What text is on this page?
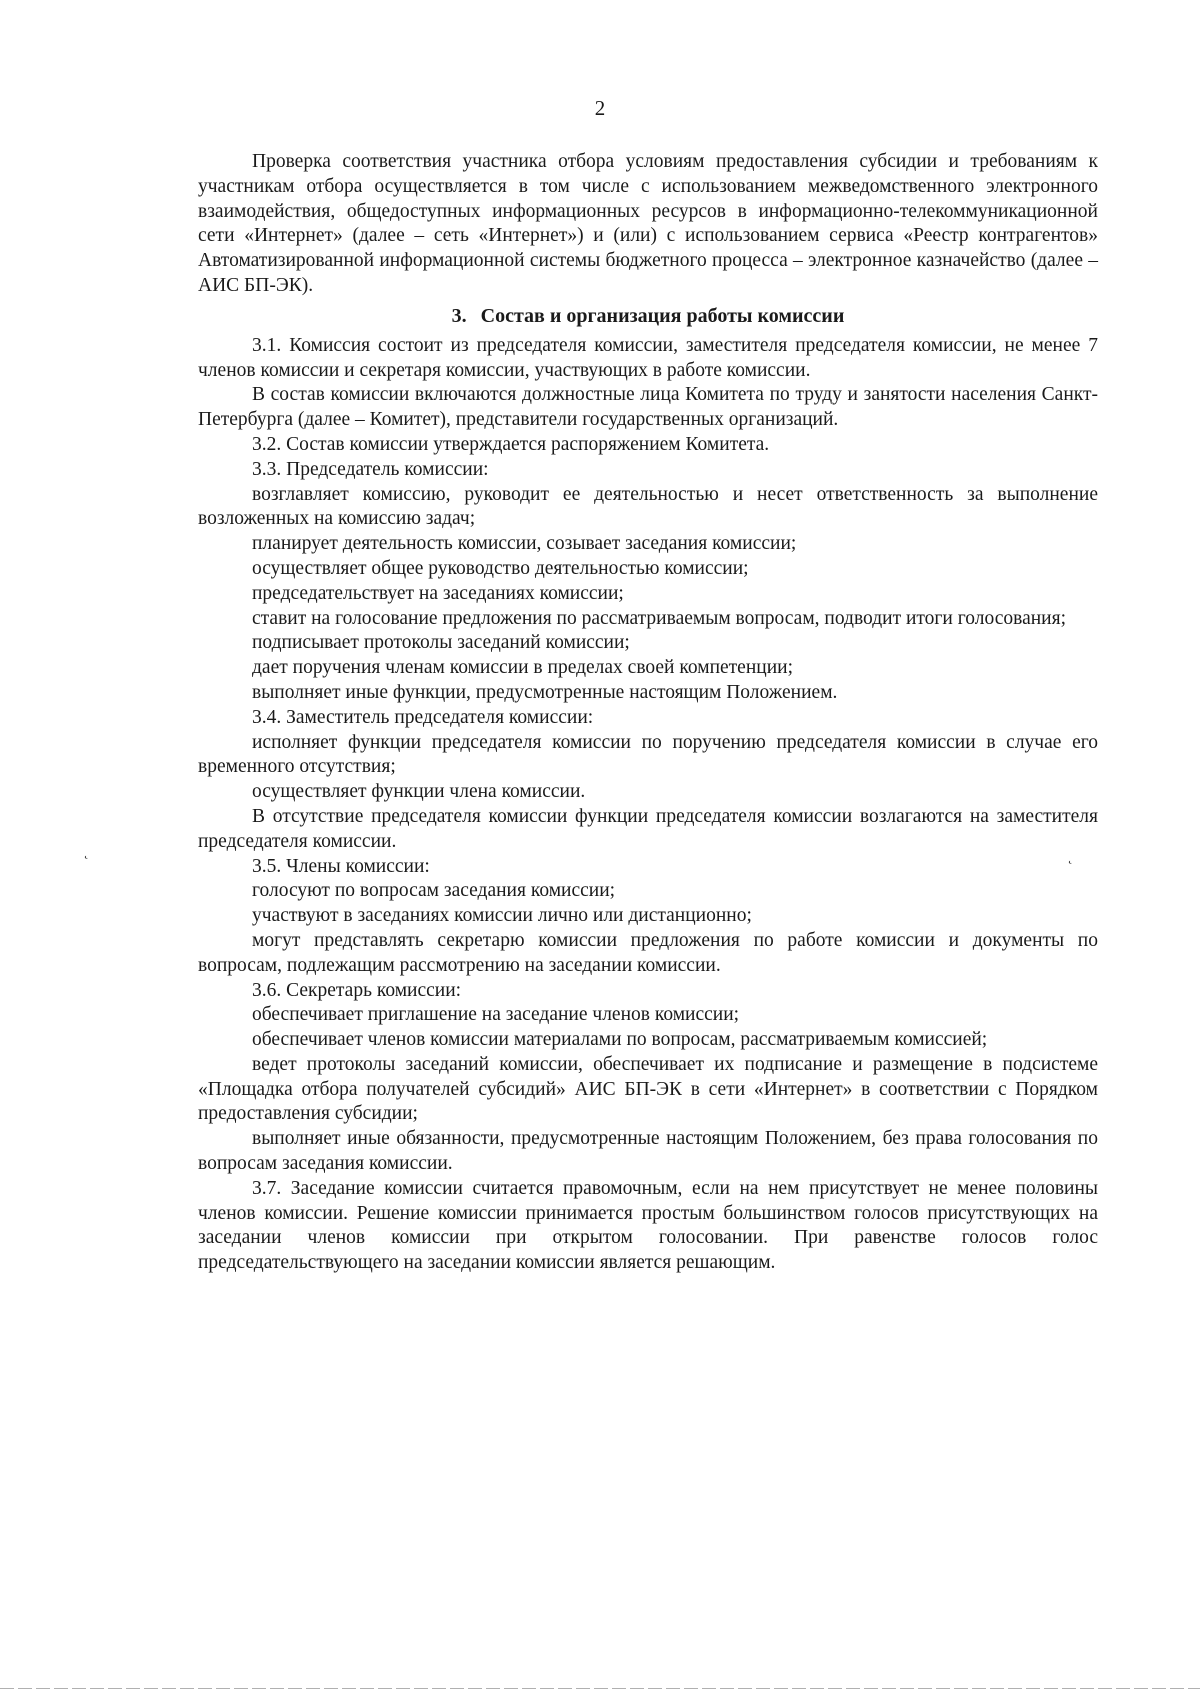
2

Проверка соответствия участника отбора условиям предоставления субсидии и требованиям к участникам отбора осуществляется в том числе с использованием межведомственного электронного взаимодействия, общедоступных информационных ресурсов в информационно-телекоммуникационной сети «Интернет» (далее – сеть «Интернет») и (или) с использованием сервиса «Реестр контрагентов» Автоматизированной информационной системы бюджетного процесса – электронное казначейство (далее – АИС БП-ЭК).

3. Состав и организация работы комиссии

3.1. Комиссия состоит из председателя комиссии, заместителя председателя комиссии, не менее 7 членов комиссии и секретаря комиссии, участвующих в работе комиссии.

В состав комиссии включаются должностные лица Комитета по труду и занятости населения Санкт-Петербурга (далее – Комитет), представители государственных организаций.

3.2. Состав комиссии утверждается распоряжением Комитета.

3.3. Председатель комиссии:

возглавляет комиссию, руководит ее деятельностью и несет ответственность за выполнение возложенных на комиссию задач;

планирует деятельность комиссии, созывает заседания комиссии;

осуществляет общее руководство деятельностью комиссии;

председательствует на заседаниях комиссии;

ставит на голосование предложения по рассматриваемым вопросам, подводит итоги голосования;

подписывает протоколы заседаний комиссии;

дает поручения членам комиссии в пределах своей компетенции;

выполняет иные функции, предусмотренные настоящим Положением.

3.4. Заместитель председателя комиссии:

исполняет функции председателя комиссии по поручению председателя комиссии в случае его временного отсутствия;

осуществляет функции члена комиссии.

В отсутствие председателя комиссии функции председателя комиссии возлагаются на заместителя председателя комиссии.

3.5. Члены комиссии:

голосуют по вопросам заседания комиссии;

участвуют в заседаниях комиссии лично или дистанционно;

могут представлять секретарю комиссии предложения по работе комиссии и документы по вопросам, подлежащим рассмотрению на заседании комиссии.

3.6. Секретарь комиссии:

обеспечивает приглашение на заседание членов комиссии;

обеспечивает членов комиссии материалами по вопросам, рассматриваемым комиссией;

ведет протоколы заседаний комиссии, обеспечивает их подписание и размещение в подсистеме «Площадка отбора получателей субсидий» АИС БП-ЭК в сети «Интернет» в соответствии с Порядком предоставления субсидии;

выполняет иные обязанности, предусмотренные настоящим Положением, без права голосования по вопросам заседания комиссии.

3.7. Заседание комиссии считается правомочным, если на нем присутствует не менее половины членов комиссии. Решение комиссии принимается простым большинством голосов присутствующих на заседании членов комиссии при открытом голосовании. При равенстве голосов голос председательствующего на заседании комиссии является решающим.

˛	˛
